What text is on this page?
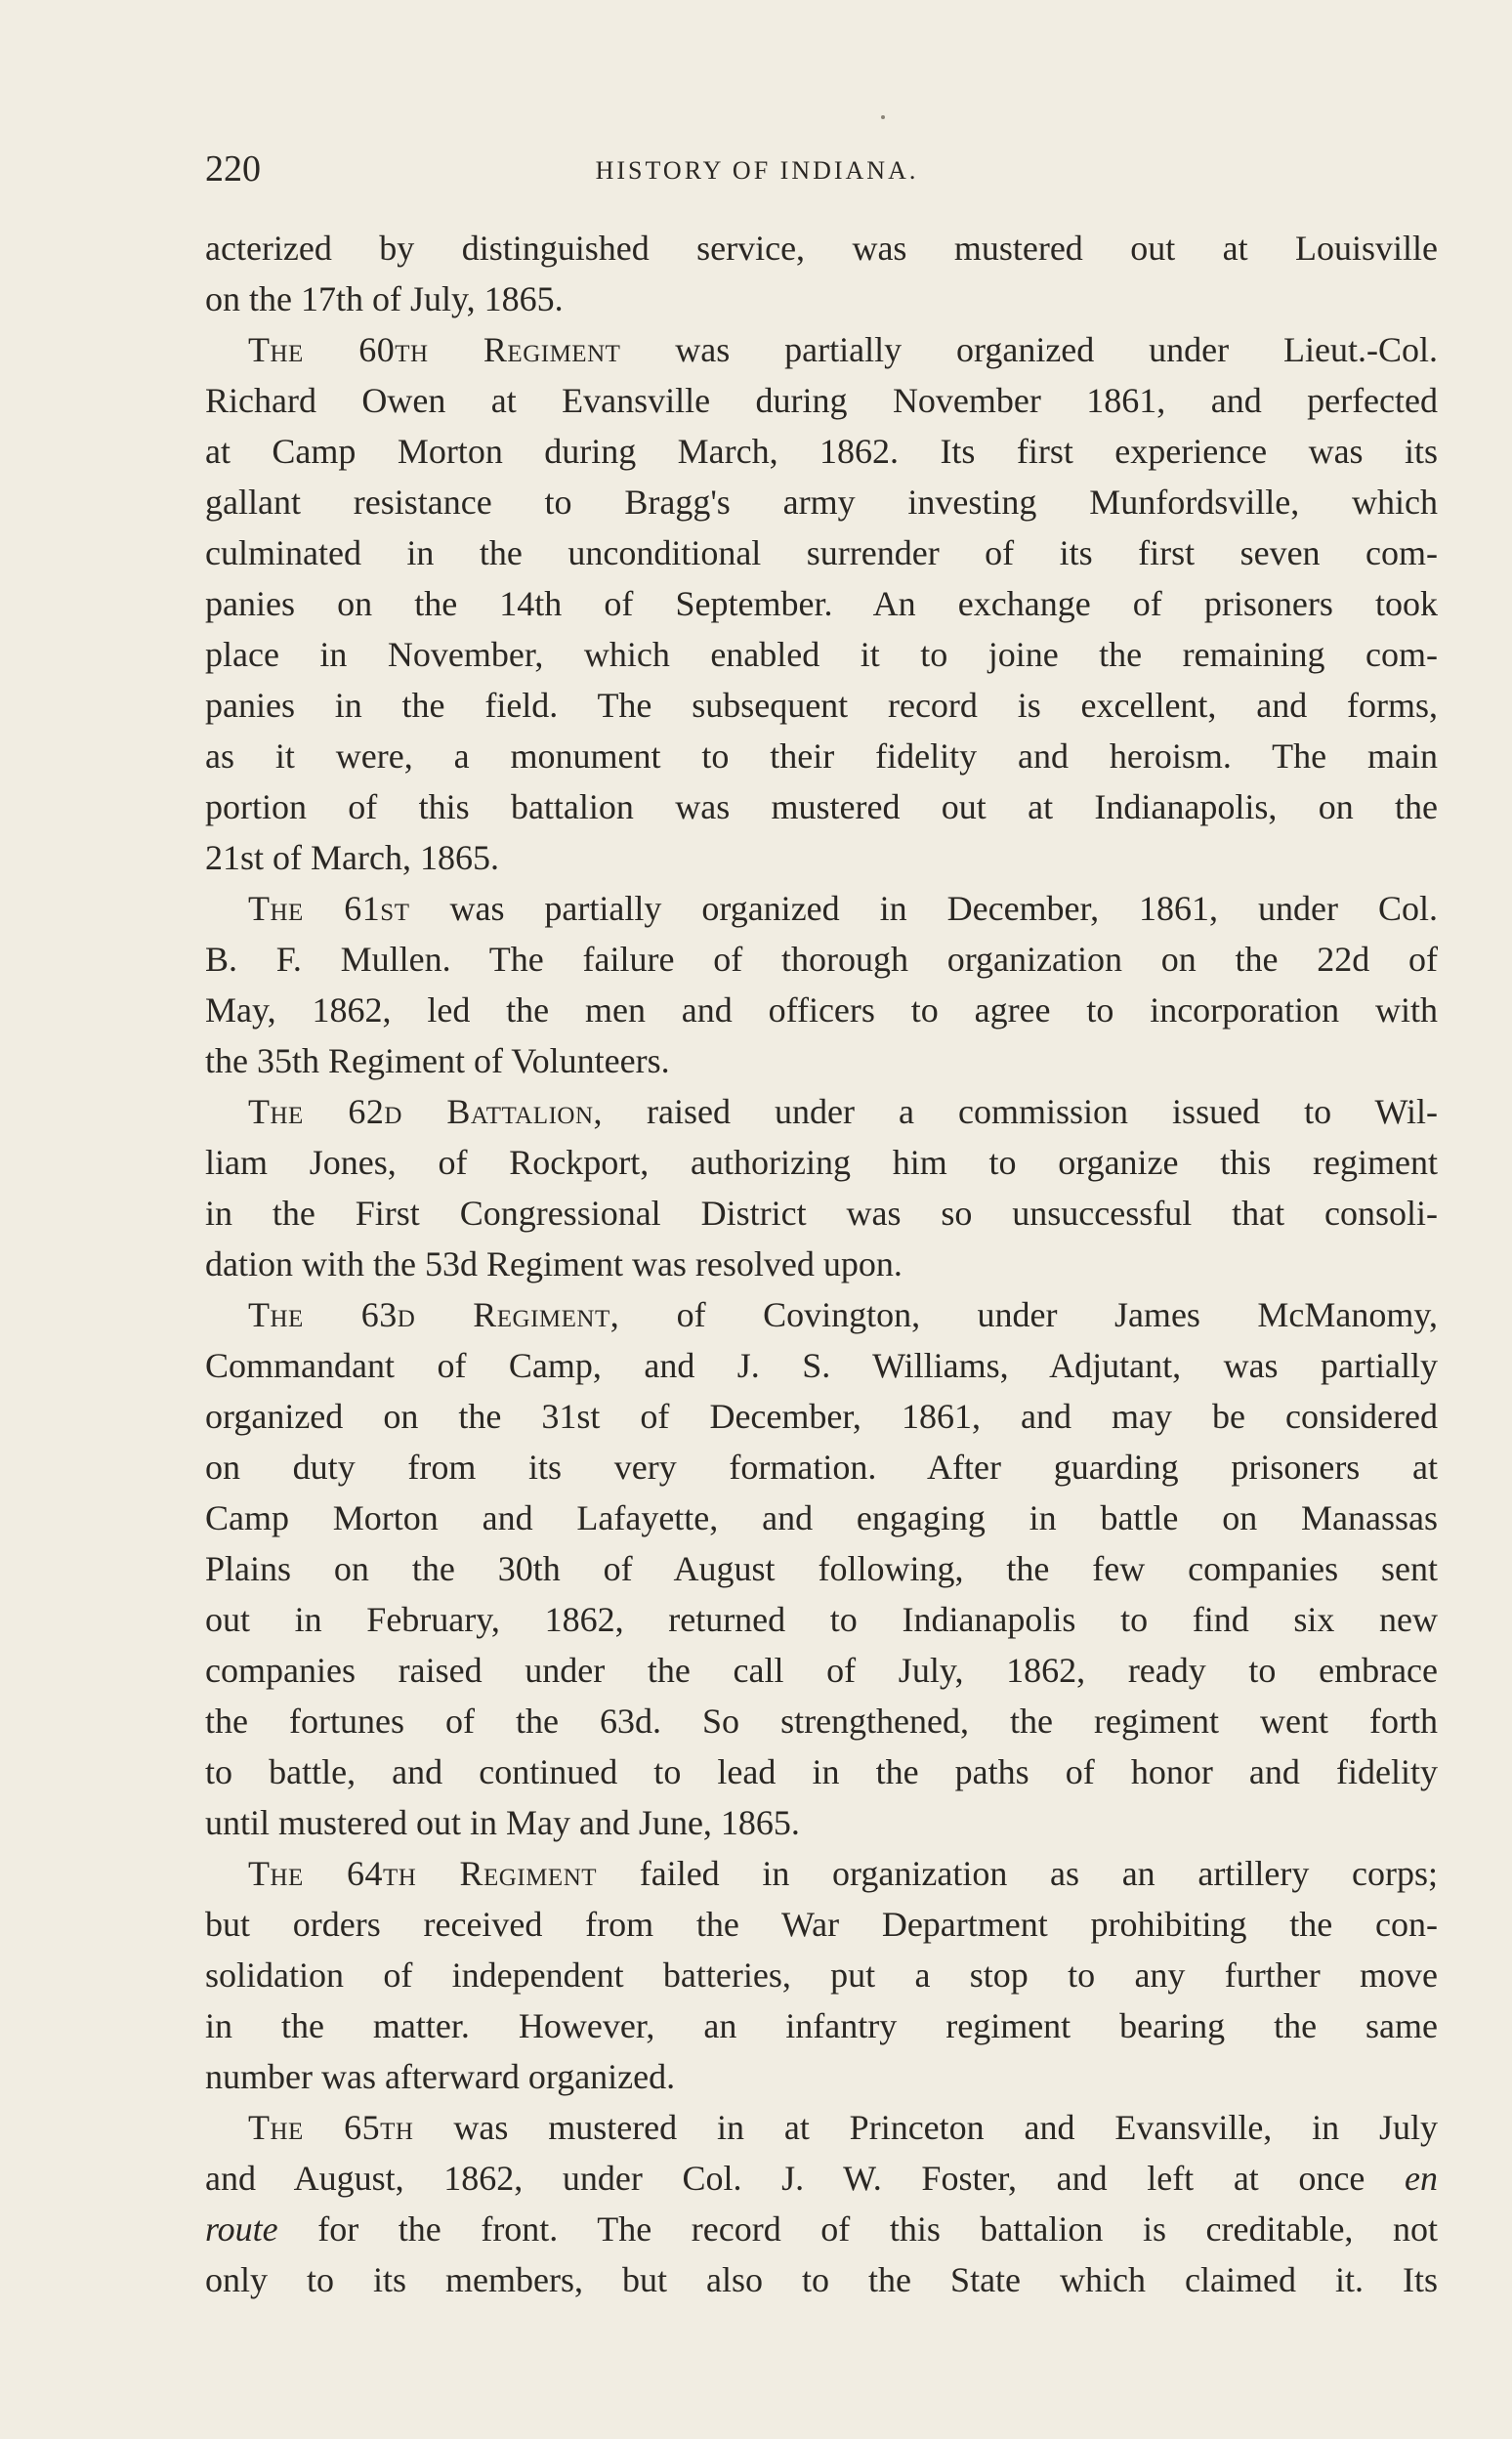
220	HISTORY OF INDIANA.
acterized by distinguished service, was mustered out at Louisville
on the 17th of July, 1865.
The 60th Regiment was partially organized under Lieut.-Col.
Richard Owen at Evansville during November 1861, and perfected
at Camp Morton during March, 1862. Its first experience was its
gallant resistance to Bragg's army investing Munfordsville, which
culminated in the unconditional surrender of its first seven com-
panies on the 14th of September. An exchange of prisoners took
place in November, which enabled it to joine the remaining com-
panies in the field. The subsequent record is excellent, and forms,
as it were, a monument to their fidelity and heroism. The main
portion of this battalion was mustered out at Indianapolis, on the
21st of March, 1865.
The 61st was partially organized in December, 1861, under Col.
B. F. Mullen. The failure of thorough organization on the 22d of
May, 1862, led the men and officers to agree to incorporation with
the 35th Regiment of Volunteers.
The 62d Battalion, raised under a commission issued to Wil-
liam Jones, of Rockport, authorizing him to organize this regiment
in the First Congressional District was so unsuccessful that consoli-
dation with the 53d Regiment was resolved upon.
The 63d Regiment, of Covington, under James McManomy,
Commandant of Camp, and J. S. Williams, Adjutant, was partially
organized on the 31st of December, 1861, and may be considered
on duty from its very formation. After guarding prisoners at
Camp Morton and Lafayette, and engaging in battle on Manassas
Plains on the 30th of August following, the few companies sent
out in February, 1862, returned to Indianapolis to find six new
companies raised under the call of July, 1862, ready to embrace
the fortunes of the 63d. So strengthened, the regiment went forth
to battle, and continued to lead in the paths of honor and fidelity
until mustered out in May and June, 1865.
The 64th Regiment failed in organization as an artillery corps;
but orders received from the War Department prohibiting the con-
solidation of independent batteries, put a stop to any further move
in the matter. However, an infantry regiment bearing the same
number was afterward organized.
The 65th was mustered in at Princeton and Evansville, in July
and August, 1862, under Col. J. W. Foster, and left at once en
route for the front. The record of this battalion is creditable, not
only to its members, but also to the State which claimed it. Its
